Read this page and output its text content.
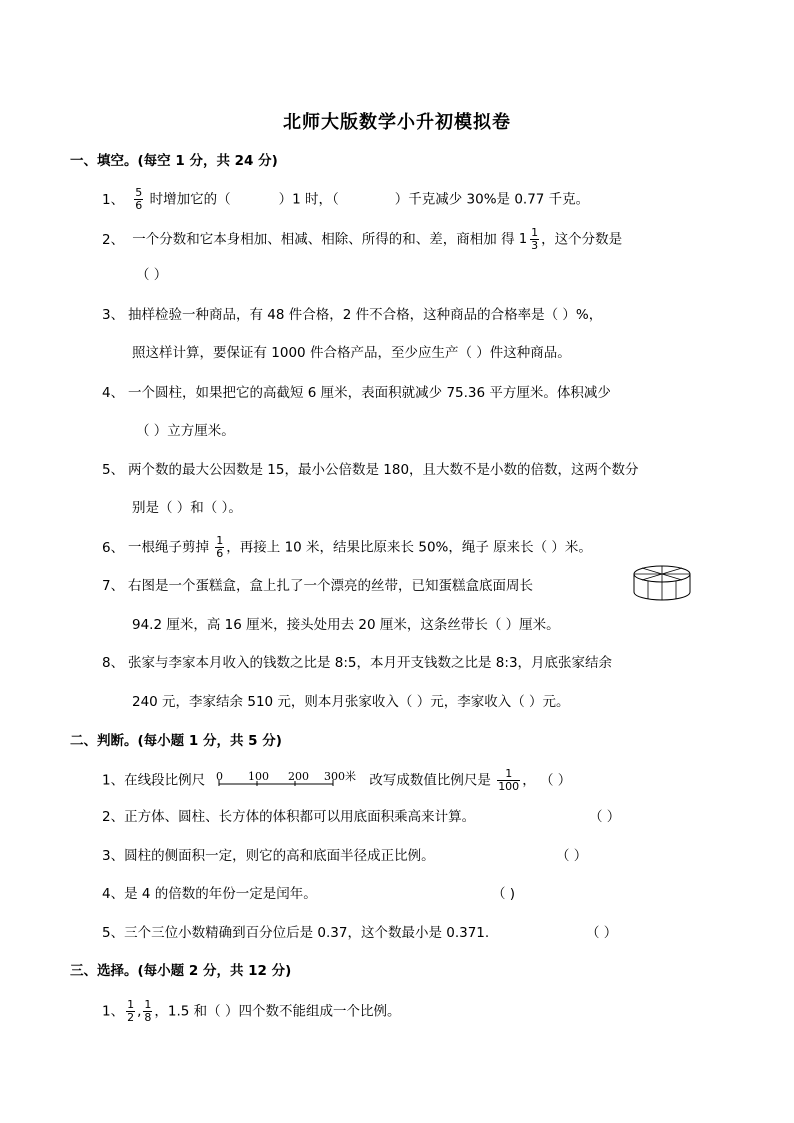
北师大版数学小升初模拟卷
一、填空。(每空 1 分，共 24 分)
1、 $\frac{5}{6}$ 时增加它的（	）1 时，（	）千克减少 30%是 0.77 千克。
2、 一个分数和它本身相加、相减、相除、所得的和、差，商相加 得 $1 \frac{1}{3}$ ，这个分数是
（ ）
3、 抽样检验一种商品，有 48 件合格，2 件不合格，这种商品的合格率是（ ）%，
照这样计算，要保证有 1000 件合格产品，至少应生产（ ）件这种商品。
4、 一个圆柱，如果把它的高截短 6 厘米，表面积就减少 75.36 平方厘米。体积减少
（ ）立方厘米。
5、 两个数的最大公因数是 15，最小公倍数是 180，且大数不是小数的倍数，这两个数分
别是（ ）和（ ）。
6、 一根绳子剪掉 $\frac{1}{6}$ ，再接上 10 米，结果比原来长 50%，绳子 原来长（ ）米。
7、 右图是一个蛋糕盒，盒上扎了一个漂亮的丝带，已知蛋糕盒底面周长
94.2 厘米，高 16 厘米，接头处用去 20 厘米，这条丝带长（ ）厘米。
8、 张家与李家本月收入的钱数之比是 8:5，本月开支钱数之比是 8:3，月底张家结余
240 元，李家结余 510 元，则本月张家收入（ ）元，李家收入（ ）元。
二、判断。(每小题 1 分，共 5 分)
1、在线段比例尺 0 100 200 300米 改写成数值比例尺是 $\frac{1}{100}$ ， （ ）
2、正方体、圆柱、长方体的体积都可以用底面积乘高来计算。	（ ）
3、圆柱的侧面积一定，则它的高和底面半径成正比例。	（ ）
4、是 4 的倍数的年份一定是闰年。	（ )
5、三个三位小数精确到百分位后是 0.37，这个数最小是 0.371.	（ ）
三、选择。(每小题 2 分，共 12 分)
1、 $\frac{1}{2}$ , $\frac{1}{8}$ ，1.5 和（ ）四个数不能组成一个比例。
